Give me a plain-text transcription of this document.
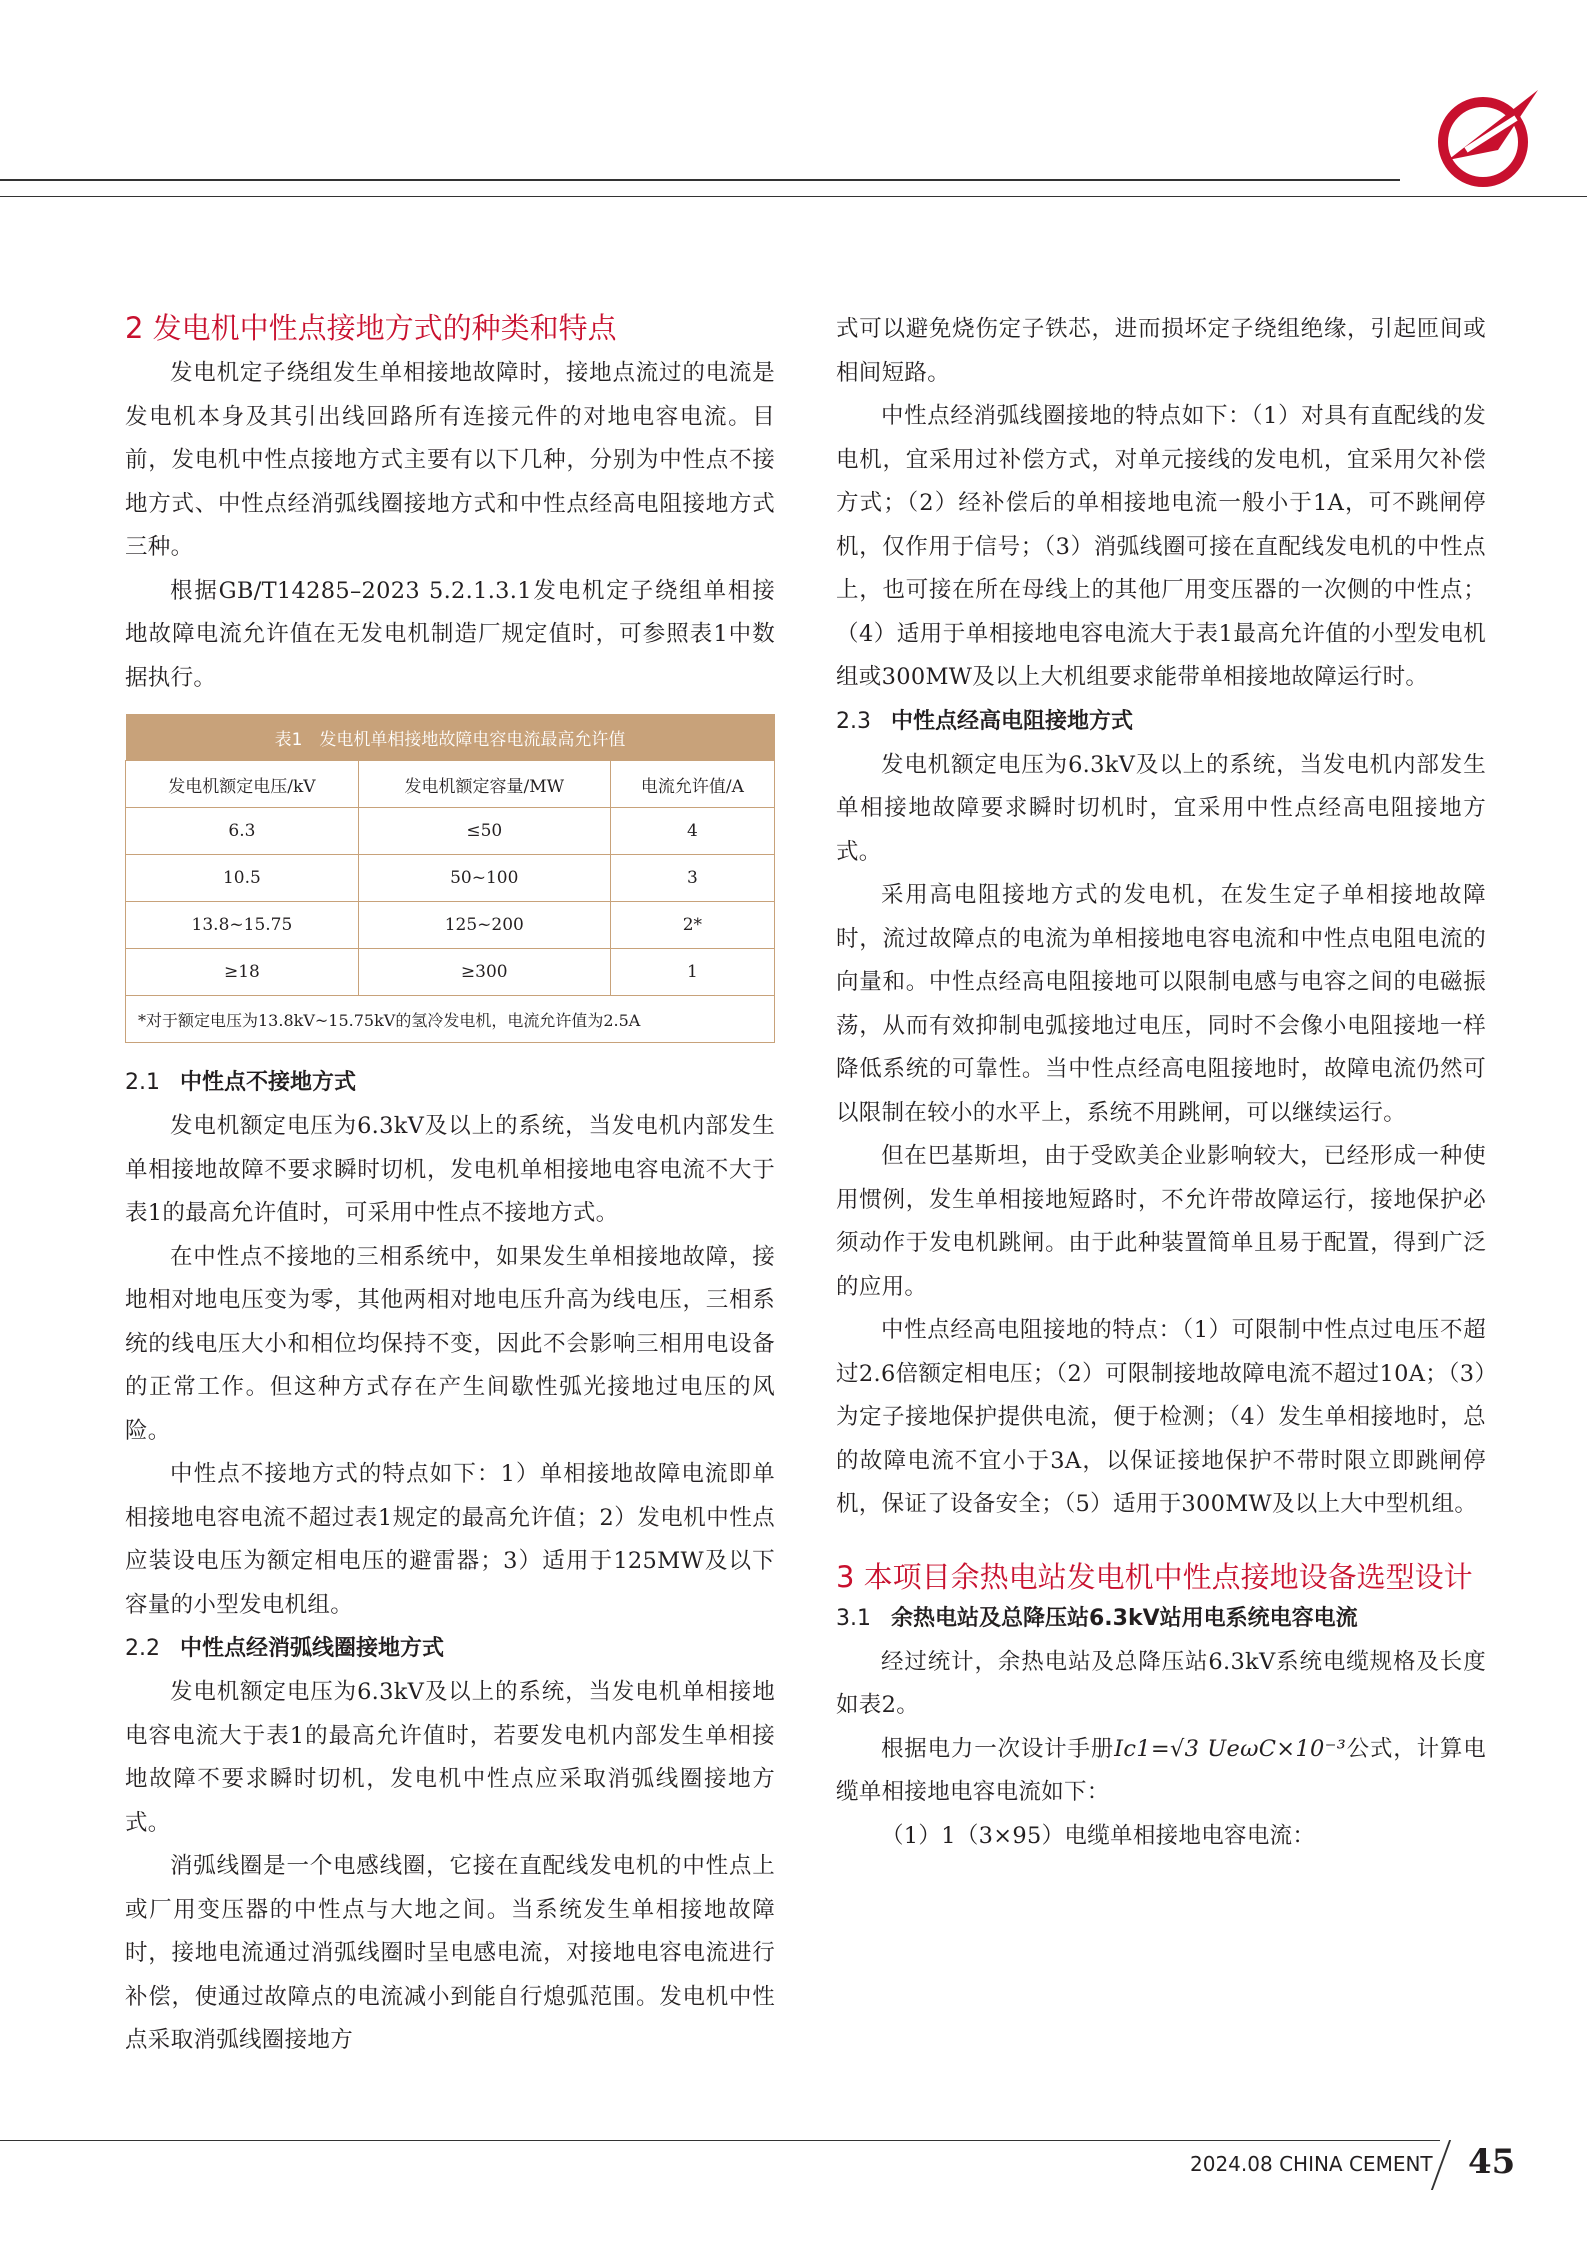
2 发电机中性点接地方式的种类和特点

发电机定子绕组发生单相接地故障时，接地点流过的电流是发电机本身及其引出线回路所有连接元件的对地电容电流。目前，发电机中性点接地方式主要有以下几种，分别为中性点不接地方式、中性点经消弧线圈接地方式和中性点经高电阻接地方式三种。

根据GB/T14285–2023 5.2.1.3.1发电机定子绕组单相接地故障电流允许值在无发电机制造厂规定值时，可参照表1中数据执行。

表1　发电机单相接地故障电容电流最高允许值		
发电机额定电压/kV	发电机额定容量/MW	电流允许值/A
6.3	≤50	4
10.5	50~100	3
13.8~15.75	125~200	2*
≥18	≥300	1
*对于额定电压为13.8kV~15.75kV的氢冷发电机，电流允许值为2.5A		
2.1 中性点不接地方式

发电机额定电压为6.3kV及以上的系统，当发电机内部发生单相接地故障不要求瞬时切机，发电机单相接地电容电流不大于表1的最高允许值时，可采用中性点不接地方式。

在中性点不接地的三相系统中，如果发生单相接地故障，接地相对地电压变为零，其他两相对地电压升高为线电压，三相系统的线电压大小和相位均保持不变，因此不会影响三相用电设备的正常工作。但这种方式存在产生间歇性弧光接地过电压的风险。

中性点不接地方式的特点如下：1）单相接地故障电流即单相接地电容电流不超过表1规定的最高允许值；2）发电机中性点应装设电压为额定相电压的避雷器；3）适用于125MW及以下容量的小型发电机组。

2.2 中性点经消弧线圈接地方式

发电机额定电压为6.3kV及以上的系统，当发电机单相接地电容电流大于表1的最高允许值时，若要发电机内部发生单相接地故障不要求瞬时切机，发电机中性点应采取消弧线圈接地方式。

消弧线圈是一个电感线圈，它接在直配线发电机的中性点上或厂用变压器的中性点与大地之间。当系统发生单相接地故障时，接地电流通过消弧线圈时呈电感电流，对接地电容电流进行补偿，使通过故障点的电流减小到能自行熄弧范围。发电机中性点采取消弧线圈接地方

式可以避免烧伤定子铁芯，进而损坏定子绕组绝缘，引起匝间或相间短路。

中性点经消弧线圈接地的特点如下：（1）对具有直配线的发电机，宜采用过补偿方式，对单元接线的发电机，宜采用欠补偿方式；（2）经补偿后的单相接地电流一般小于1A，可不跳闸停机，仅作用于信号；（3）消弧线圈可接在直配线发电机的中性点上，也可接在所在母线上的其他厂用变压器的一次侧的中性点；（4）适用于单相接地电容电流大于表1最高允许值的小型发电机组或300MW及以上大机组要求能带单相接地故障运行时。

2.3 中性点经高电阻接地方式

发电机额定电压为6.3kV及以上的系统，当发电机内部发生单相接地故障要求瞬时切机时，宜采用中性点经高电阻接地方式。

采用高电阻接地方式的发电机，在发生定子单相接地故障时，流过故障点的电流为单相接地电容电流和中性点电阻电流的向量和。中性点经高电阻接地可以限制电感与电容之间的电磁振荡，从而有效抑制电弧接地过电压，同时不会像小电阻接地一样降低系统的可靠性。当中性点经高电阻接地时，故障电流仍然可以限制在较小的水平上，系统不用跳闸，可以继续运行。

但在巴基斯坦，由于受欧美企业影响较大，已经形成一种使用惯例，发生单相接地短路时，不允许带故障运行，接地保护必须动作于发电机跳闸。由于此种装置简单且易于配置，得到广泛的应用。

中性点经高电阻接地的特点：（1）可限制中性点过电压不超过2.6倍额定相电压；（2）可限制接地故障电流不超过10A；（3）为定子接地保护提供电流，便于检测；（4）发生单相接地时，总的故障电流不宜小于3A，以保证接地保护不带时限立即跳闸停机，保证了设备安全；（5）适用于300MW及以上大中型机组。

3 本项目余热电站发电机中性点接地设备选型设计
3.1 余热电站及总降压站6.3kV站用电系统电容电流

经过统计，余热电站及总降压站6.3kV系统电缆规格及长度如表2。

根据电力一次设计手册Ic1=√3 UeωC×10⁻³公式，计算电缆单相接地电容电流如下：

（1）1（3×95）电缆单相接地电容电流：

2024.08 CHINA CEMENT 45
